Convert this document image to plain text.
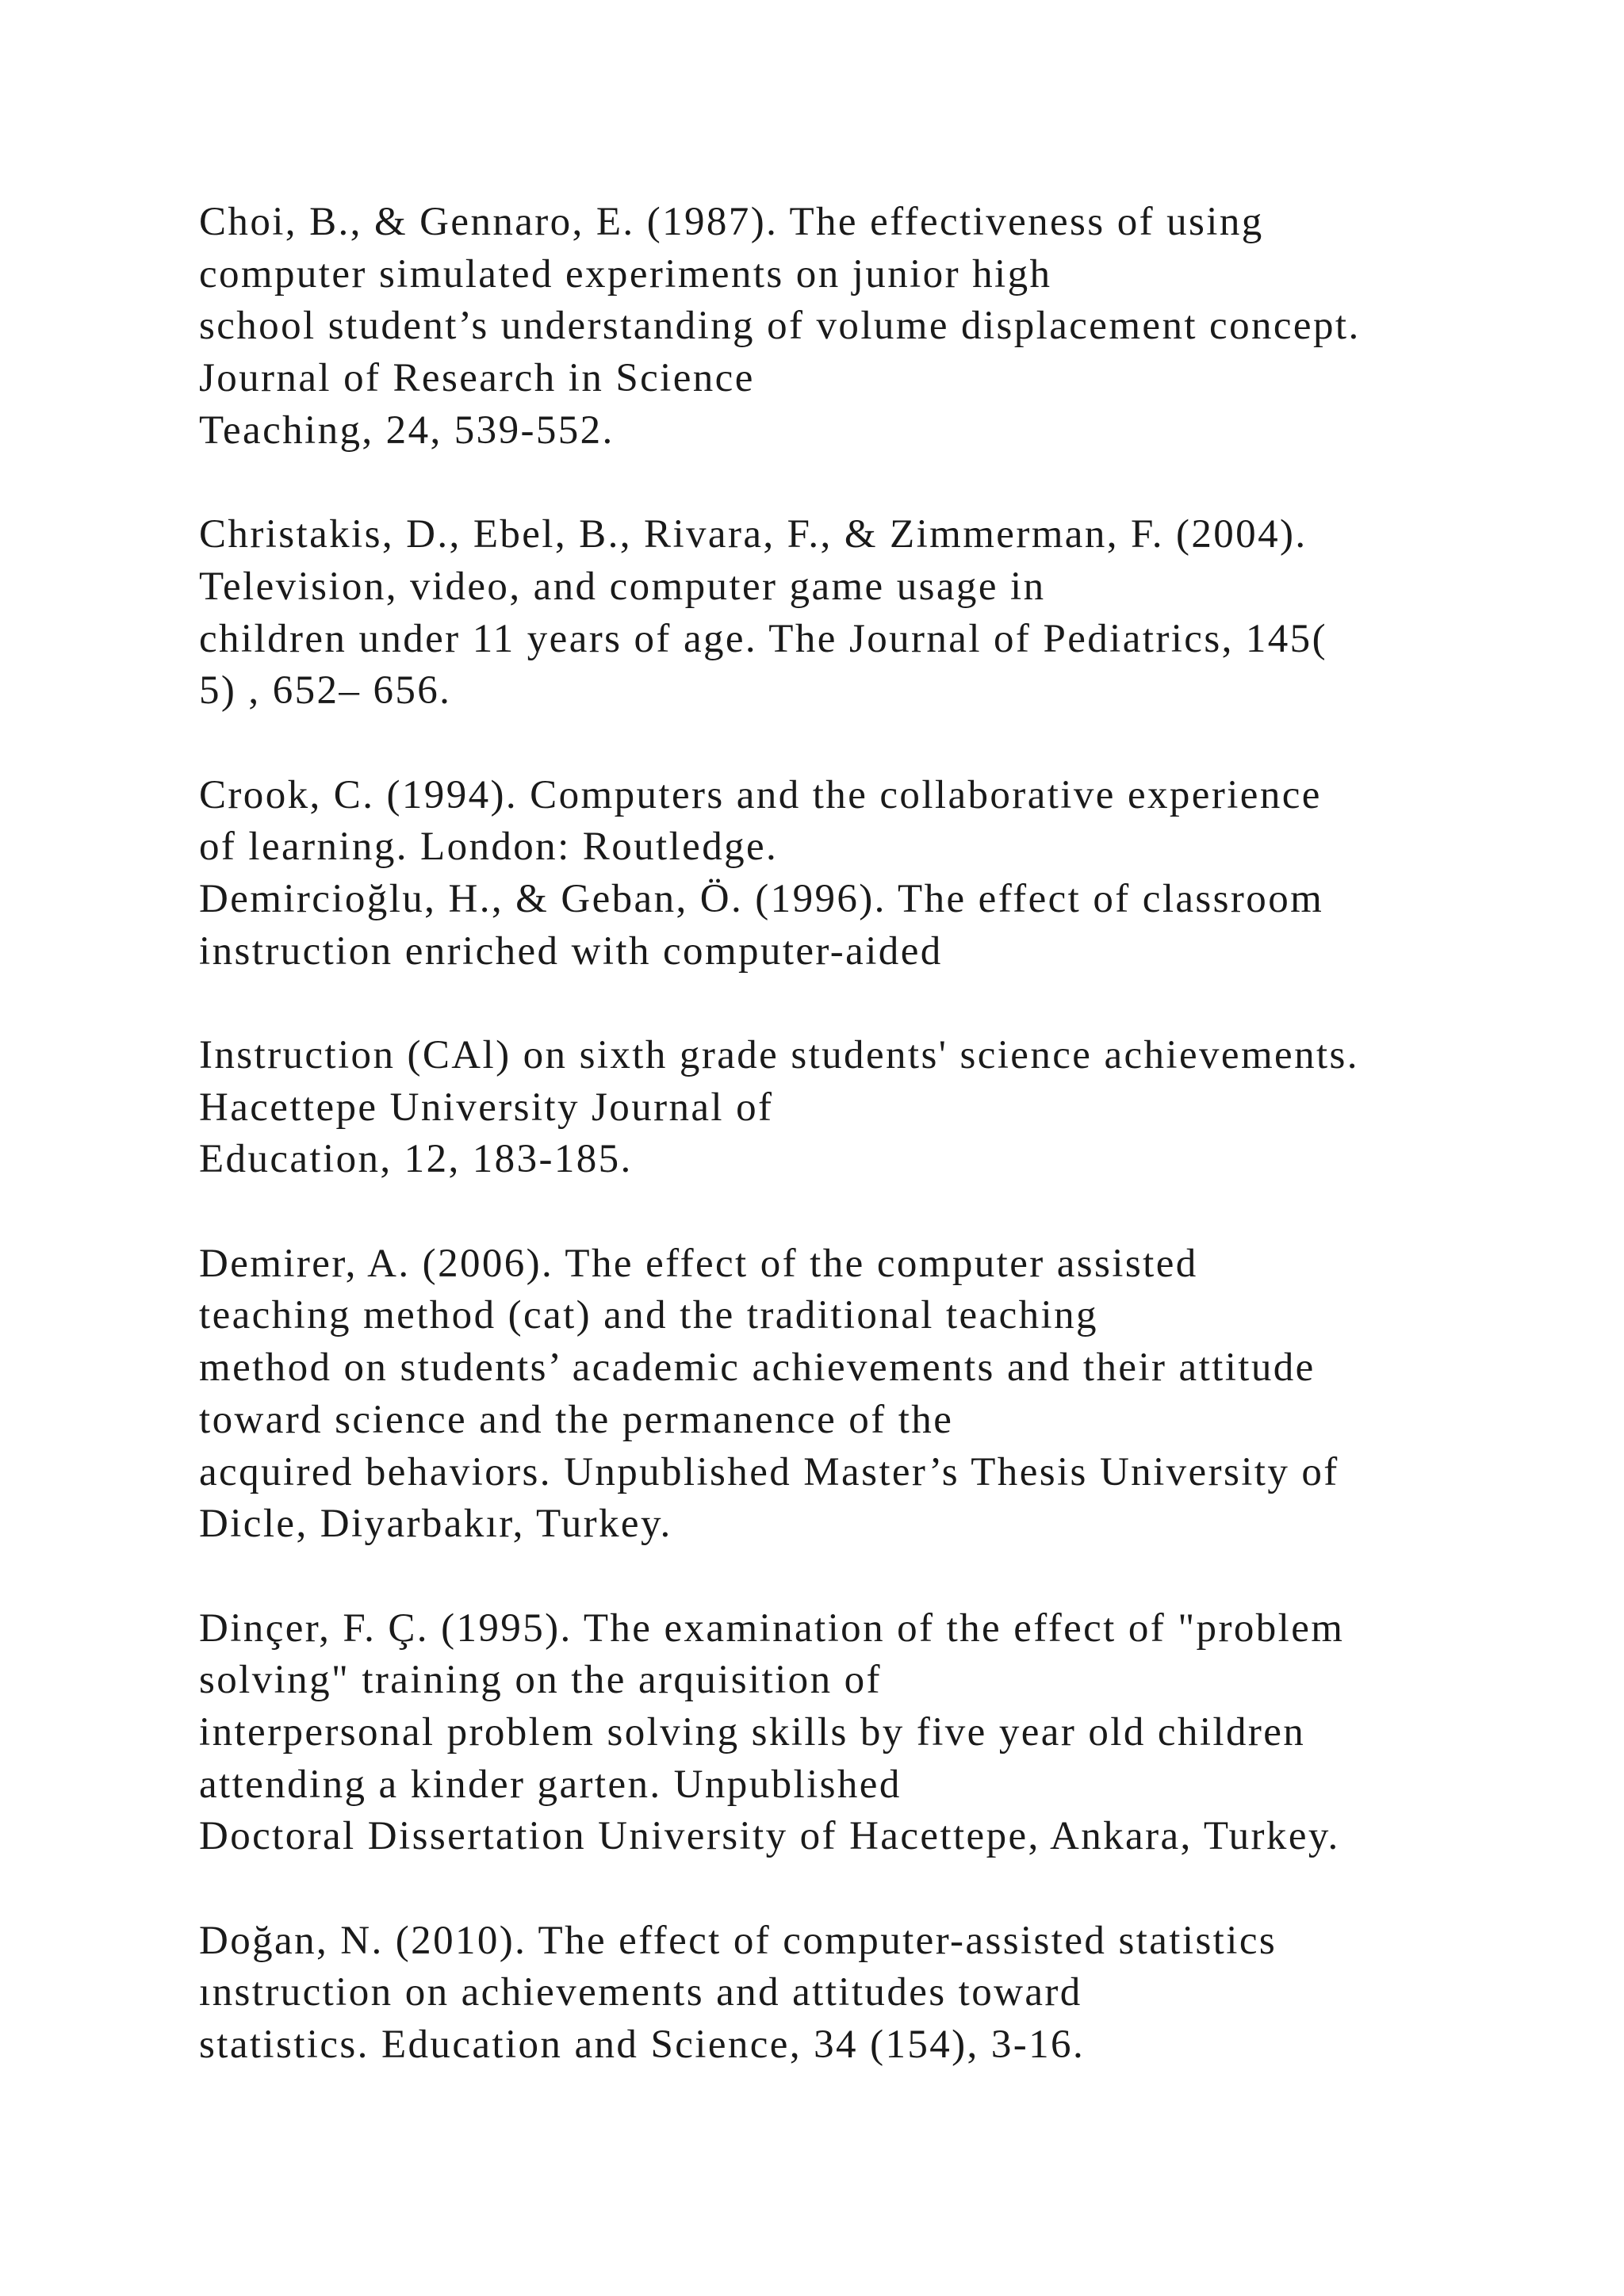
Choi, B., & Gennaro, E. (1987). The effectiveness of using
computer simulated experiments on junior high
school student’s understanding of volume displacement concept.
Journal of Research in Science
Teaching, 24, 539-552.
Christakis, D., Ebel, B., Rivara, F., & Zimmerman, F. (2004).
Television, video, and computer game usage in
children under 11 years of age. The Journal of Pediatrics, 145(
5) , 652– 656.
Crook, C. (1994). Computers and the collaborative experience
of learning. London: Routledge.
Demircioğlu, H., & Geban, Ö. (1996). The effect of classroom
instruction enriched with computer-aided
Instruction (CAl) on sixth grade students' science achievements.
Hacettepe University Journal of
Education, 12, 183-185.
Demirer, A. (2006). The effect of the computer assisted
teaching method (cat) and the traditional teaching
method on students’ academic achievements and their attitude
toward science and the permanence of the
acquired behaviors. Unpublished Master’s Thesis University of
Dicle, Diyarbakır, Turkey.
Dinçer, F. Ç. (1995). The examination of the effect of "problem
solving" training on the arquisition of
interpersonal problem solving skills by five year old children
attending a kinder garten. Unpublished
Doctoral Dissertation University of Hacettepe, Ankara, Turkey.
Doğan, N. (2010). The effect of computer-assisted statistics
ınstruction on achievements and attitudes toward
statistics. Education and Science, 34 (154), 3-16.
